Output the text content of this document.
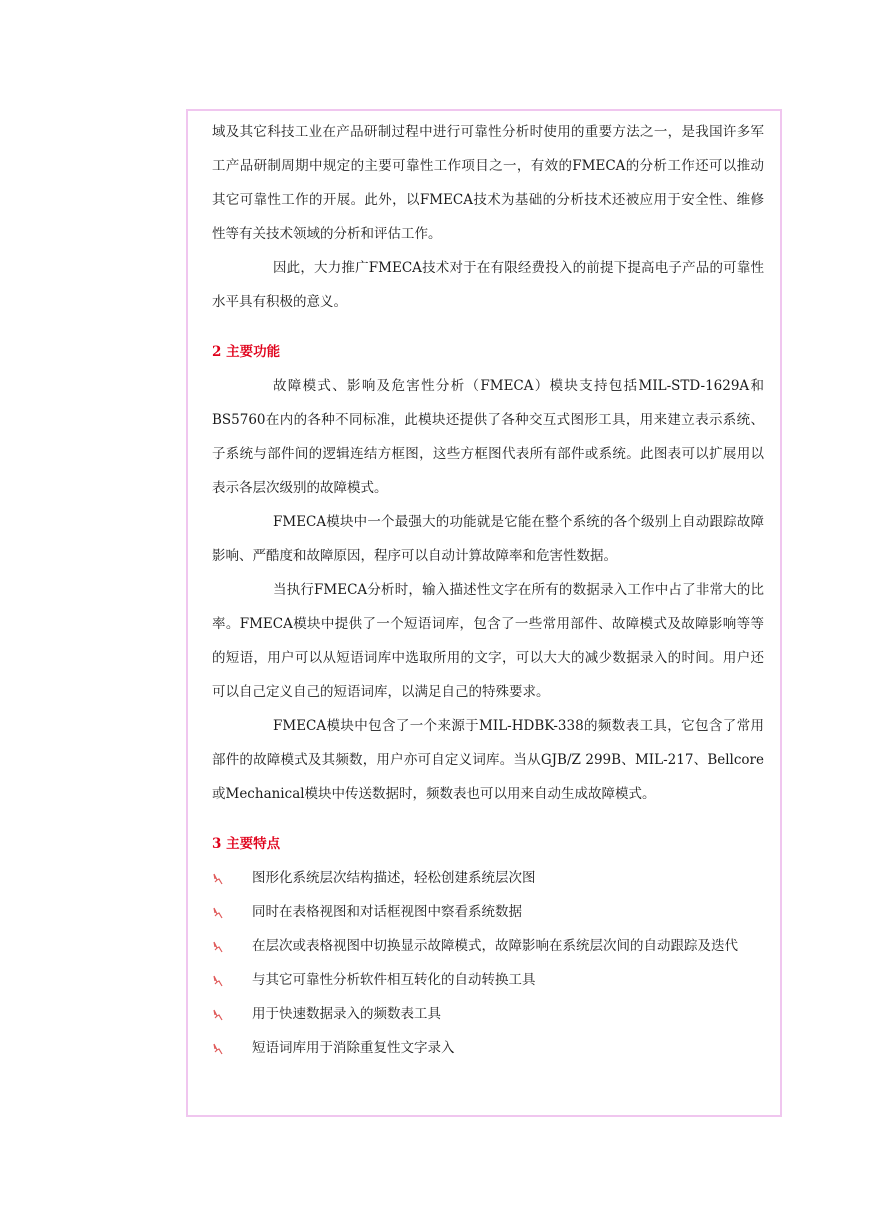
域及其它科技工业在产品研制过程中进行可靠性分析时使用的重要方法之一，是我国许多军工产品研制周期中规定的主要可靠性工作项目之一，有效的FMECA的分析工作还可以推动其它可靠性工作的开展。此外，以FMECA技术为基础的分析技术还被应用于安全性、维修性等有关技术领域的分析和评估工作。

因此，大力推广FMECA技术对于在有限经费投入的前提下提高电子产品的可靠性水平具有积极的意义。

2 主要功能

故障模式、影响及危害性分析（FMECA）模块支持包括MIL-STD-1629A和BS5760在内的各种不同标准，此模块还提供了各种交互式图形工具，用来建立表示系统、子系统与部件间的逻辑连结方框图，这些方框图代表所有部件或系统。此图表可以扩展用以表示各层次级别的故障模式。

FMECA模块中一个最强大的功能就是它能在整个系统的各个级别上自动跟踪故障影响、严酷度和故障原因，程序可以自动计算故障率和危害性数据。

当执行FMECA分析时，输入描述性文字在所有的数据录入工作中占了非常大的比率。FMECA模块中提供了一个短语词库，包含了一些常用部件、故障模式及故障影响等等的短语，用户可以从短语词库中选取所用的文字，可以大大的减少数据录入的时间。用户还可以自己定义自己的短语词库，以满足自己的特殊要求。

FMECA模块中包含了一个来源于MIL-HDBK-338的频数表工具，它包含了常用部件的故障模式及其频数，用户亦可自定义词库。当从GJB/Z 299B、MIL-217、Bellcore或Mechanical模块中传送数据时，频数表也可以用来自动生成故障模式。

3 主要特点
图形化系统层次结构描述，轻松创建系统层次图
同时在表格视图和对话框视图中察看系统数据
在层次或表格视图中切换显示故障模式，故障影响在系统层次间的自动跟踪及迭代
与其它可靠性分析软件相互转化的自动转换工具
用于快速数据录入的频数表工具
短语词库用于消除重复性文字录入
